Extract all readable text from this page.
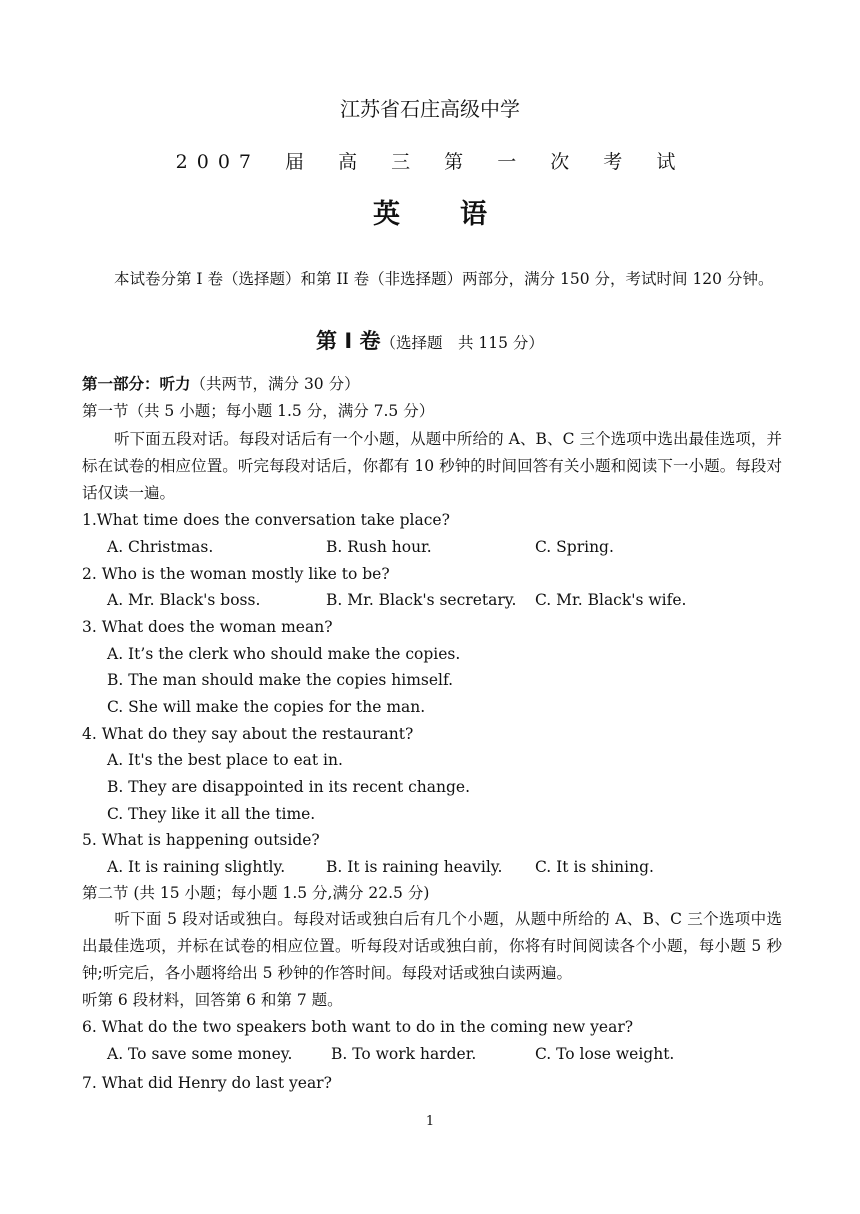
江苏省石庄高级中学
2007 届 高 三 第 一 次 考 试
英语
本试卷分第 I 卷（选择题）和第 II 卷（非选择题）两部分，满分 150 分，考试时间 120 分钟。
第 I 卷（选择题　共 115 分）
第一部分：听力（共两节，满分 30 分）
第一节（共 5 小题；每小题 1.5 分，满分 7.5 分）
听下面五段对话。每段对话后有一个小题，从题中所给的 A、B、C 三个选项中选出最佳选项，并标在试卷的相应位置。听完每段对话后，你都有 10 秒钟的时间回答有关小题和阅读下一小题。每段对话仅读一遍。
1.What time does the conversation take place?
A. Christmas.	B. Rush hour.	C. Spring.
2. Who is the woman mostly like to be?
A. Mr. Black's boss.	B. Mr. Black's secretary. C. Mr. Black's wife.
3. What does the woman mean?
A. It’s the clerk who should make the copies.
B. The man should make the copies himself.
C. She will make the copies for the man.
4. What do they say about the restaurant?
A. It's the best place to eat in.
B. They are disappointed in its recent change.
C. They like it all the time.
5. What is happening outside?
A. It is raining slightly.	B. It is raining heavily. C. It is shining.
第二节 (共 15 小题；每小题 1.5 分,满分 22.5 分)
听下面 5 段对话或独白。每段对话或独白后有几个小题，从题中所给的 A、B、C 三个选项中选出最佳选项，并标在试卷的相应位置。听每段对话或独白前，你将有时间阅读各个小题，每小题 5 秒钟;听完后，各小题将给出 5 秒钟的作答时间。每段对话或独白读两遍。
听第 6 段材料，回答第 6 和第 7 题。
6. What do the two speakers both want to do in the coming new year?
A. To save some money. B. To work harder.	C. To lose weight.
7. What did Henry do last year?
1
